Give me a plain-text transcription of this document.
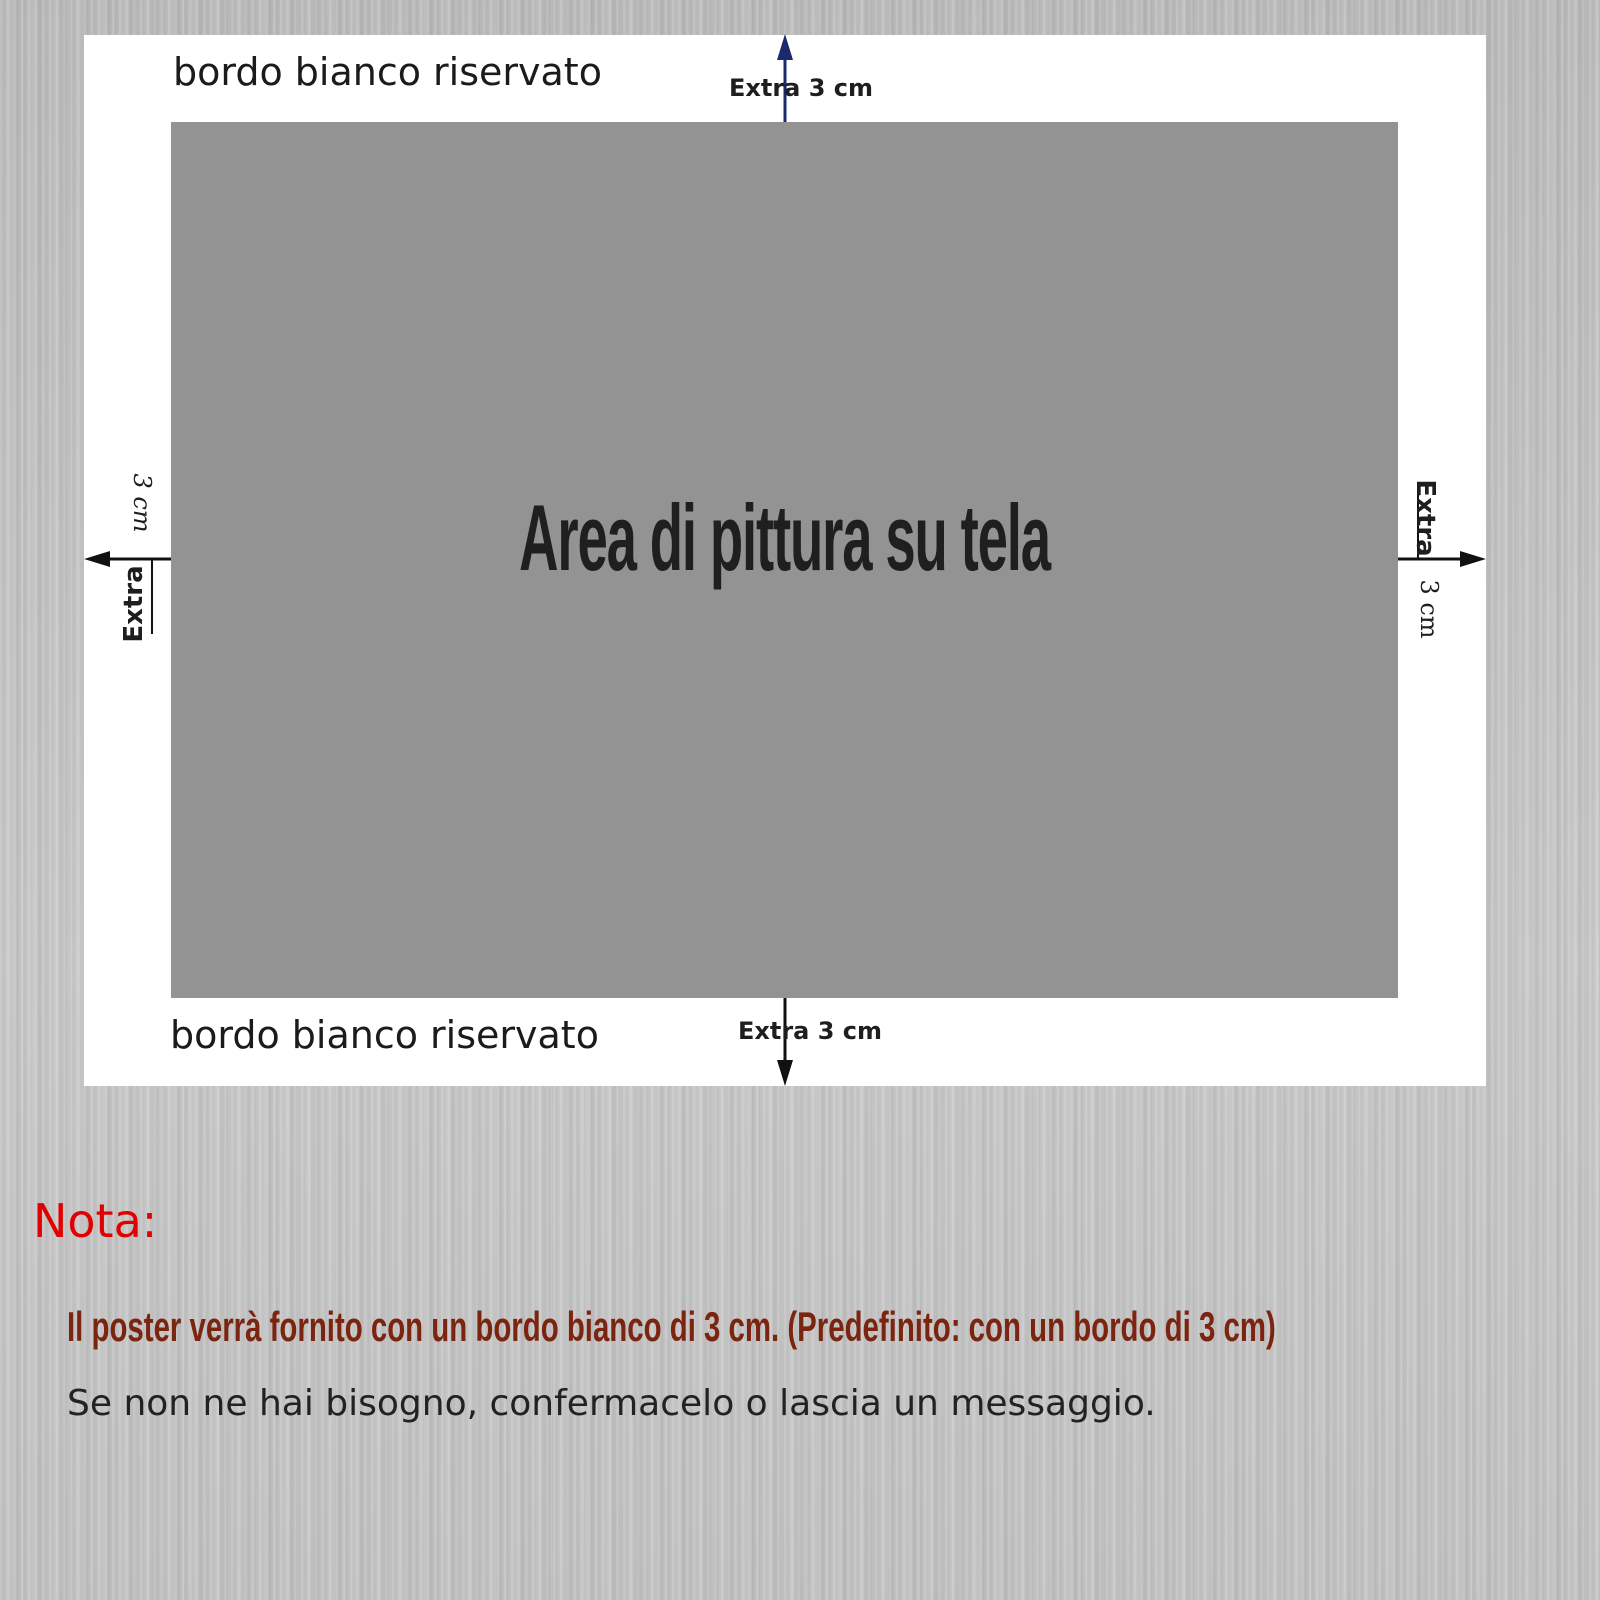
Area di pittura su tela
bordo bianco riservato
bordo bianco riservato
Extra 3 cm
Extra 3 cm
Extra
3 cm	Extra
3 cm
Nota:
Il poster verrà fornito con un bordo bianco di 3 cm. (Predefinito: con un bordo di 3 cm)
Se non ne hai bisogno, confermacelo o lascia un messaggio.
